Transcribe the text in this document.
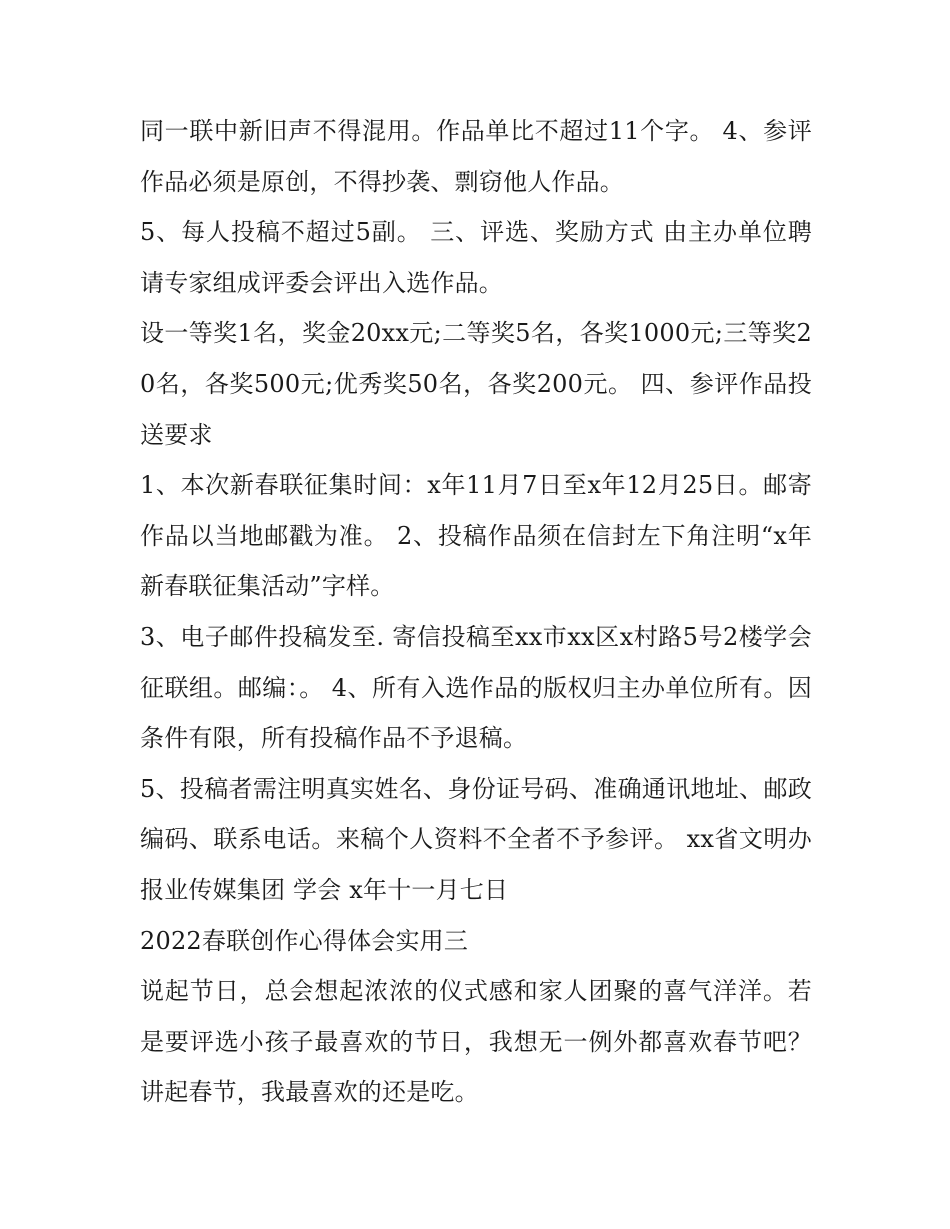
同一联中新旧声不得混用。作品单比不超过11个字。 4、参评作品必须是原创，不得抄袭、剽窃他人作品。

5、每人投稿不超过5副。 三、评选、奖励方式 由主办单位聘请专家组成评委会评出入选作品。

设一等奖1名，奖金20xx元;二等奖5名，各奖1000元;三等奖20名，各奖500元;优秀奖50名，各奖200元。 四、参评作品投送要求

1、本次新春联征集时间：x年11月7日至x年12月25日。邮寄作品以当地邮戳为准。 2、投稿作品须在信封左下角注明“x年新春联征集活动”字样。

3、电子邮件投稿发至. 寄信投稿至xx市xx区x村路5号2楼学会征联组。邮编：。 4、所有入选作品的版权归主办单位所有。因条件有限，所有投稿作品不予退稿。

5、投稿者需注明真实姓名、身份证号码、准确通讯地址、邮政编码、联系电话。来稿个人资料不全者不予参评。 xx省文明办 报业传媒集团 学会 x年十一月七日

2022春联创作心得体会实用三

说起节日，总会想起浓浓的仪式感和家人团聚的喜气洋洋。若是要评选小孩子最喜欢的节日，我想无一例外都喜欢春节吧？讲起春节，我最喜欢的还是吃。
